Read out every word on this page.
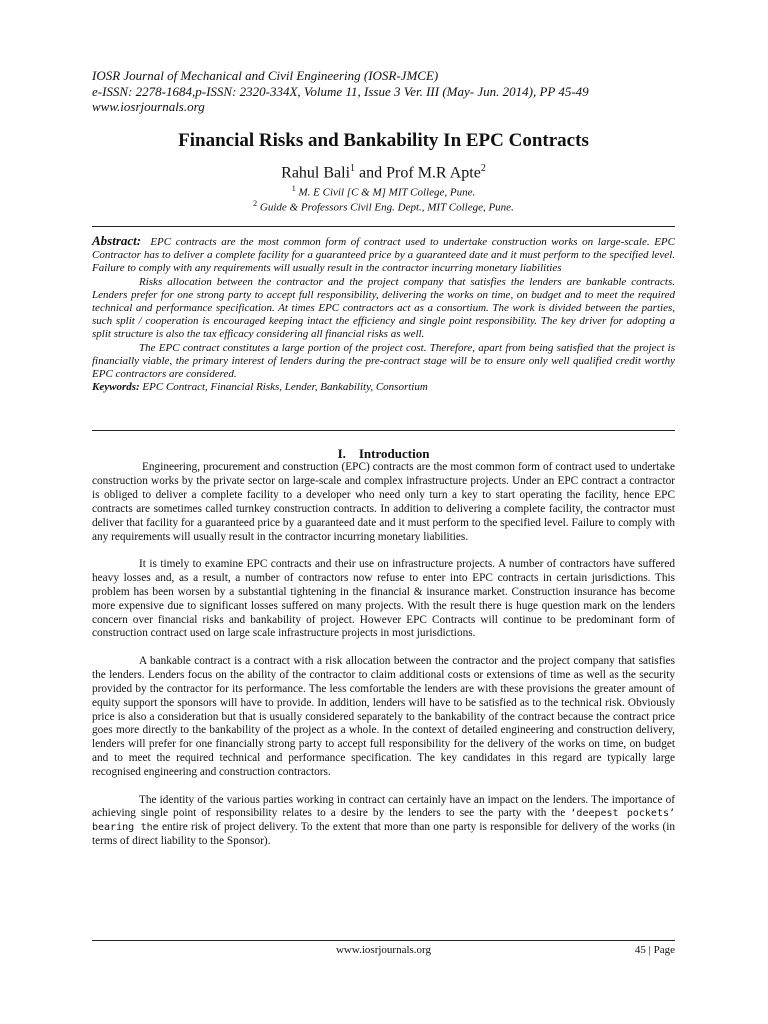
IOSR Journal of Mechanical and Civil Engineering (IOSR-JMCE)
e-ISSN: 2278-1684,p-ISSN: 2320-334X, Volume 11, Issue 3 Ver. III (May- Jun. 2014), PP 45-49
www.iosrjournals.org
Financial Risks and Bankability In EPC Contracts
Rahul Bali$^1$ and Prof M.R Apte$^2$
$^1$ M. E Civil [C & M] MIT College, Pune.
$^2$ Guide & Professors Civil Eng. Dept., MIT College, Pune.

Abstract: EPC contracts are the most common form of contract used to undertake construction works on large-scale. EPC Contractor has to deliver a complete facility for a guaranteed price by a guaranteed date and it must perform to the specified level. Failure to comply with any requirements will usually result in the contractor incurring monetary liabilities

Risks allocation between the contractor and the project company that satisfies the lenders are bankable contracts. Lenders prefer for one strong party to accept full responsibility, delivering the works on time, on budget and to meet the required technical and performance specification. At times EPC contractors act as a consortium. The work is divided between the parties, such split / cooperation is encouraged keeping intact the efficiency and single point responsibility. The key driver for adopting a split structure is also the tax efficacy considering all financial risks as well.

The EPC contract constitutes a large portion of the project cost. Therefore, apart from being satisfied that the project is financially viable, the primary interest of lenders during the pre-contract stage will be to ensure only well qualified credit worthy EPC contractors are considered.

Keywords: EPC Contract, Financial Risks, Lender, Bankability, Consortium

I. Introduction

Engineering, procurement and construction (EPC) contracts are the most common form of contract used to undertake construction works by the private sector on large-scale and complex infrastructure projects. Under an EPC contract a contractor is obliged to deliver a complete facility to a developer who need only turn a key to start operating the facility, hence EPC contracts are sometimes called turnkey construction contracts. In addition to delivering a complete facility, the contractor must deliver that facility for a guaranteed price by a guaranteed date and it must perform to the specified level. Failure to comply with any requirements will usually result in the contractor incurring monetary liabilities.

It is timely to examine EPC contracts and their use on infrastructure projects. A number of contractors have suffered heavy losses and, as a result, a number of contractors now refuse to enter into EPC contracts in certain jurisdictions. This problem has been worsen by a substantial tightening in the financial & insurance market. Construction insurance has become more expensive due to significant losses suffered on many projects. With the result there is huge question mark on the lenders concern over financial risks and bankability of project. However EPC Contracts will continue to be predominant form of construction contract used on large scale infrastructure projects in most jurisdictions.

A bankable contract is a contract with a risk allocation between the contractor and the project company that satisfies the lenders. Lenders focus on the ability of the contractor to claim additional costs or extensions of time as well as the security provided by the contractor for its performance. The less comfortable the lenders are with these provisions the greater amount of equity support the sponsors will have to provide. In addition, lenders will have to be satisfied as to the technical risk. Obviously price is also a consideration but that is usually considered separately to the bankability of the contract because the contract price goes more directly to the bankability of the project as a whole. In the context of detailed engineering and construction delivery, lenders will prefer for one financially strong party to accept full responsibility for the delivery of the works on time, on budget and to meet the required technical and performance specification. The key candidates in this regard are typically large recognised engineering and construction contractors.

The identity of the various parties working in contract can certainly have an impact on the lenders. The importance of achieving single point of responsibility relates to a desire by the lenders to see the party with the ‘deepest pockets’ bearing the entire risk of project delivery. To the extent that more than one party is responsible for delivery of the works (in terms of direct liability to the Sponsor).

www.iosrjournals.org	45 | Page
